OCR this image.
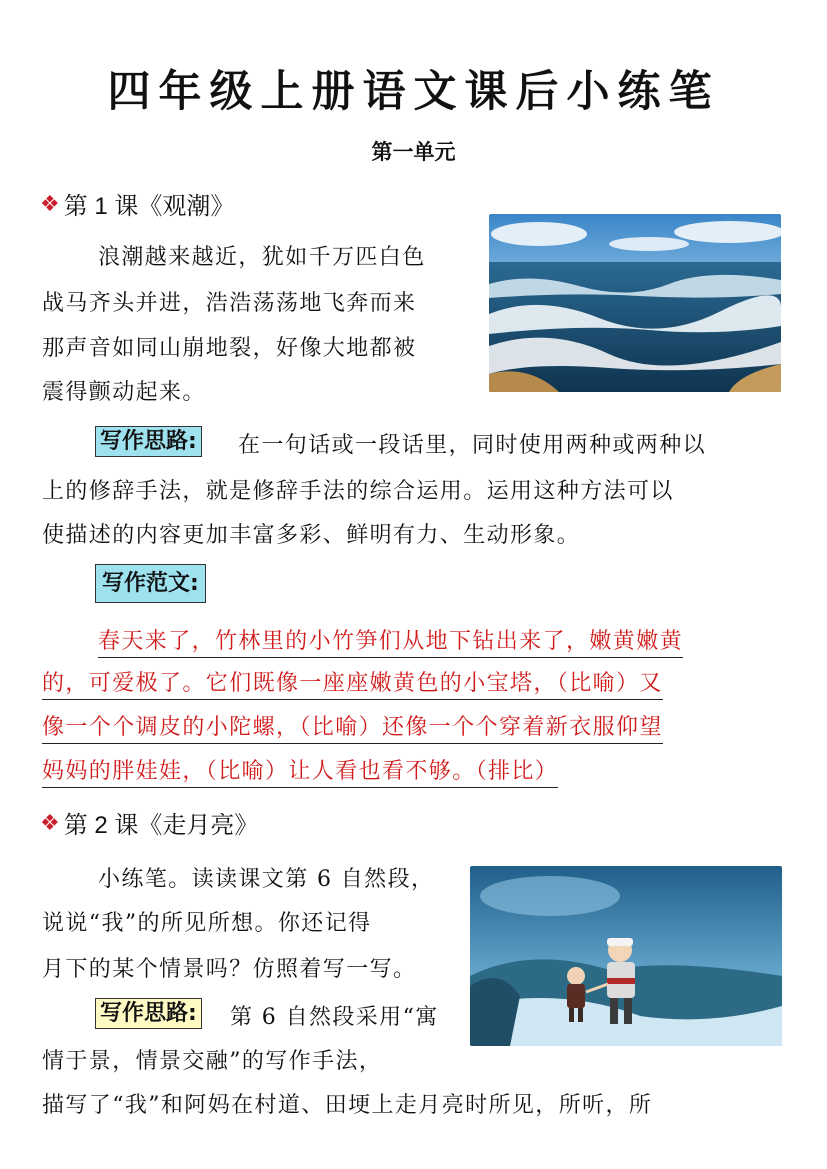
四年级上册语文课后小练笔
第一单元
❖ 第 1 课《观潮》
浪潮越来越近，犹如千万匹白色
战马齐头并进，浩浩荡荡地飞奔而来
那声音如同山崩地裂，好像大地都被
震得颤动起来。
写作思路: 在一句话或一段话里，同时使用两种或两种以
上的修辞手法，就是修辞手法的综合运用。运用这种方法可以
使描述的内容更加丰富多彩、鲜明有力、生动形象。
写作范文:
春天来了，竹林里的小竹笋们从地下钻出来了，嫩黄嫩黄
的，可爱极了。它们既像一座座嫩黄色的小宝塔，（比喻）又
像一个个调皮的小陀螺，（比喻）还像一个个穿着新衣服仰望
妈妈的胖娃娃，（比喻）让人看也看不够。（排比）
❖ 第 2 课《走月亮》
小练笔。读读课文第 6 自然段，
说说“我”的所见所想。你还记得
月下的某个情景吗？仿照着写一写。
写作思路: 第 6 自然段采用“寓
情于景，情景交融”的写作手法，
描写了“我”和阿妈在村道、田埂上走月亮时所见，所听，所
